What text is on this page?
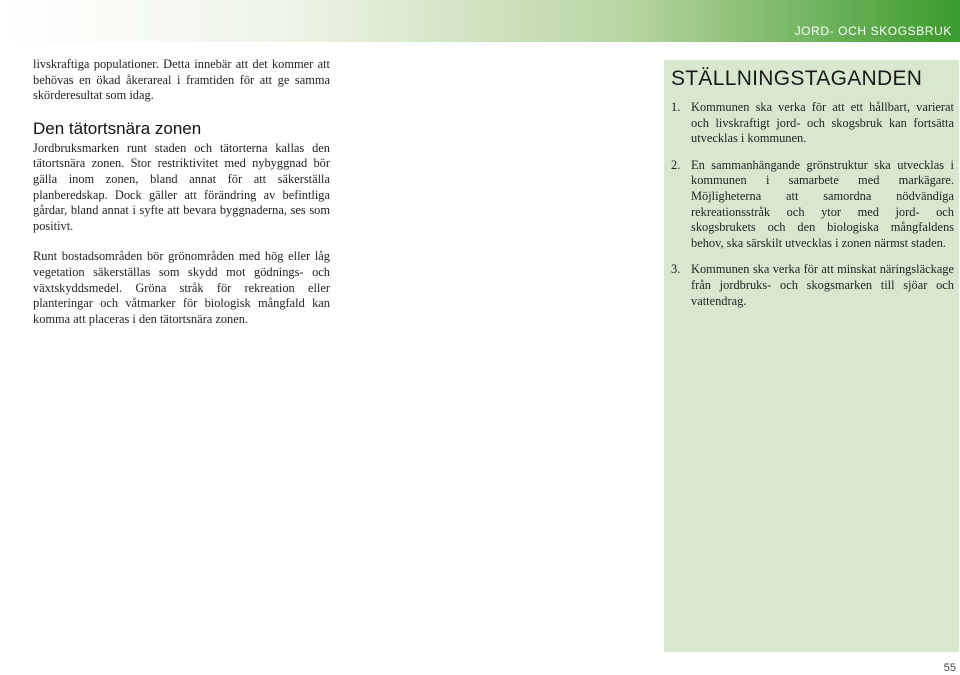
JORD- OCH SKOGSBRUK

livskraftiga populationer. Detta innebär att det kommer att behövas en ökad åkerareal i framtiden för att ge samma skörderesultat som idag.

Den tätortsnära zonen

Jordbruksmarken runt staden och tätorterna kallas den tätortsnära zonen. Stor restriktivitet med nybyggnad bör gälla inom zonen, bland annat för att säkerställa planberedskap. Dock gäller att förändring av befintliga gårdar, bland annat i syfte att bevara byggnaderna, ses som positivt.

Runt bostadsområden bör grönområden med hög eller låg vegetation säkerställas som skydd mot gödnings- och växtskyddsmedel. Gröna stråk för rekreation eller planteringar och våtmarker för biologisk mångfald kan komma att placeras i den tätortsnära zonen.

STÄLLNINGSTAGANDEN
1. Kommunen ska verka för att ett hållbart, varierat och livskraftigt jord- och skogsbruk kan fortsätta utvecklas i kommunen.
2. En sammanhängande grönstruktur ska utvecklas i kommunen i samarbete med markägare. Möjligheterna att samordna nödvändiga rekreationsstråk och ytor med jord- och skogsbrukets och den biologiska mångfaldens behov, ska särskilt utvecklas i zonen närmst staden.
3. Kommunen ska verka för att minskat näringsläckage från jordbruks- och skogsmarken till sjöar och vattendrag.
55
